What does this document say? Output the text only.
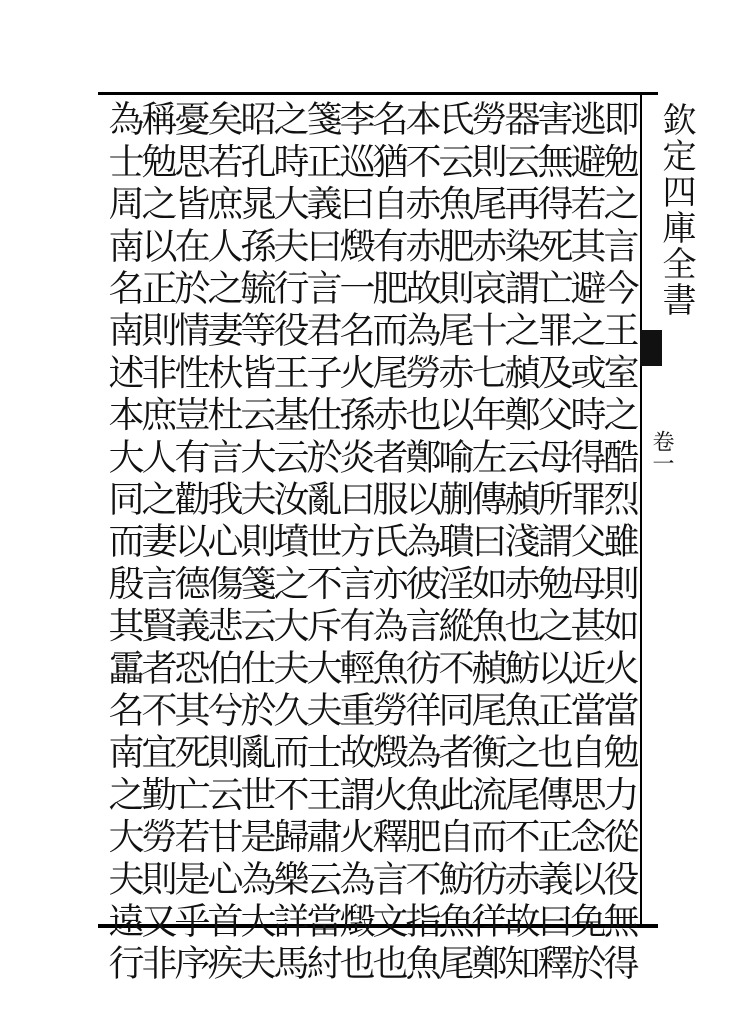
欽定四庫全書
卷一
即勉之言今王室之酷烈雖則如火當勉力從役無得
逃避若其避之或時得罪父母甚近當自思念以免於
害無得死亡罪及父母所謂勉之以正也傳正義曰釋
器云再染謂之赬鄭云赬淺赤也魴魚之尾不赤故知
勞則尾赤哀十七年左傳曰如魚赬尾衡流而彷徉鄭
氏云魚肥則尾赤以喻蒯聵淫縱不同者此自魴魚尾
本不赤赤故為勞也鄭以為彼言彷徉為魚肥不指魚
名猶自有肥而尾赤者服氏亦為魚勞燬火釋言文也
李巡曰燬一名火孫炎曰方言有輕重故謂火為燬也
箋正義曰言君子仕於亂世不斥大夫士王肅云當紂
之時大夫行役王基云汝墳之大夫久而不歸樂詳馬
昭孔晁孫毓等皆云大夫則箋云仕於亂世是為大夫
矣若庶人之妻杕杜言我心傷悲伯兮則云甘心首疾
憂思皆在於情性豈有勸以德義恐其死亡若是乎序
稱勉之以正則非庶人之妻言賢者不宜勤勞則又非
為士周南名南述本大同而殷其靁名南之大夫遠行
